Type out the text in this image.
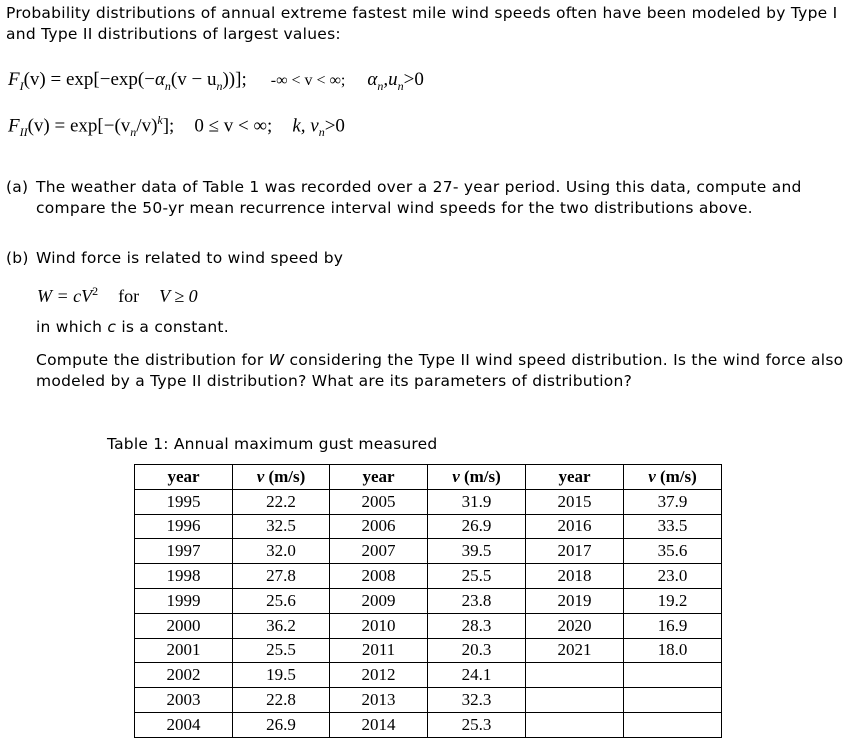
Probability distributions of annual extreme fastest mile wind speeds often have been modeled by Type I and Type II distributions of largest values:
$F_I(v) = \exp[-\exp(-\alpha_n(v - u_n))]$; -∞ < v < ∞; $\alpha_n,u_n>0$
$F_{II}(v) = \exp[-(v_n/v)^k]$; 0 ≤ v < ∞; k, $v_n>0$
(a) The weather data of Table 1 was recorded over a 27- year period. Using this data, compute and compare the 50-yr mean recurrence interval wind speeds for the two distributions above.
(b) Wind force is related to wind speed by
$W = cV^2$ for V ≥ 0
in which c is a constant.
Compute the distribution for W considering the Type II wind speed distribution. Is the wind force also modeled by a Type II distribution? What are its parameters of distribution?
Table 1: Annual maximum gust measured
year	v (m/s)	year	v (m/s)	year	v (m/s)
1995	22.2	2005	31.9	2015	37.9
1996	32.5	2006	26.9	2016	33.5
1997	32.0	2007	39.5	2017	35.6
1998	27.8	2008	25.5	2018	23.0
1999	25.6	2009	23.8	2019	19.2
2000	36.2	2010	28.3	2020	16.9
2001	25.5	2011	20.3	2021	18.0
2002	19.5	2012	24.1		
2003	22.8	2013	32.3		
2004	26.9	2014	25.3		
